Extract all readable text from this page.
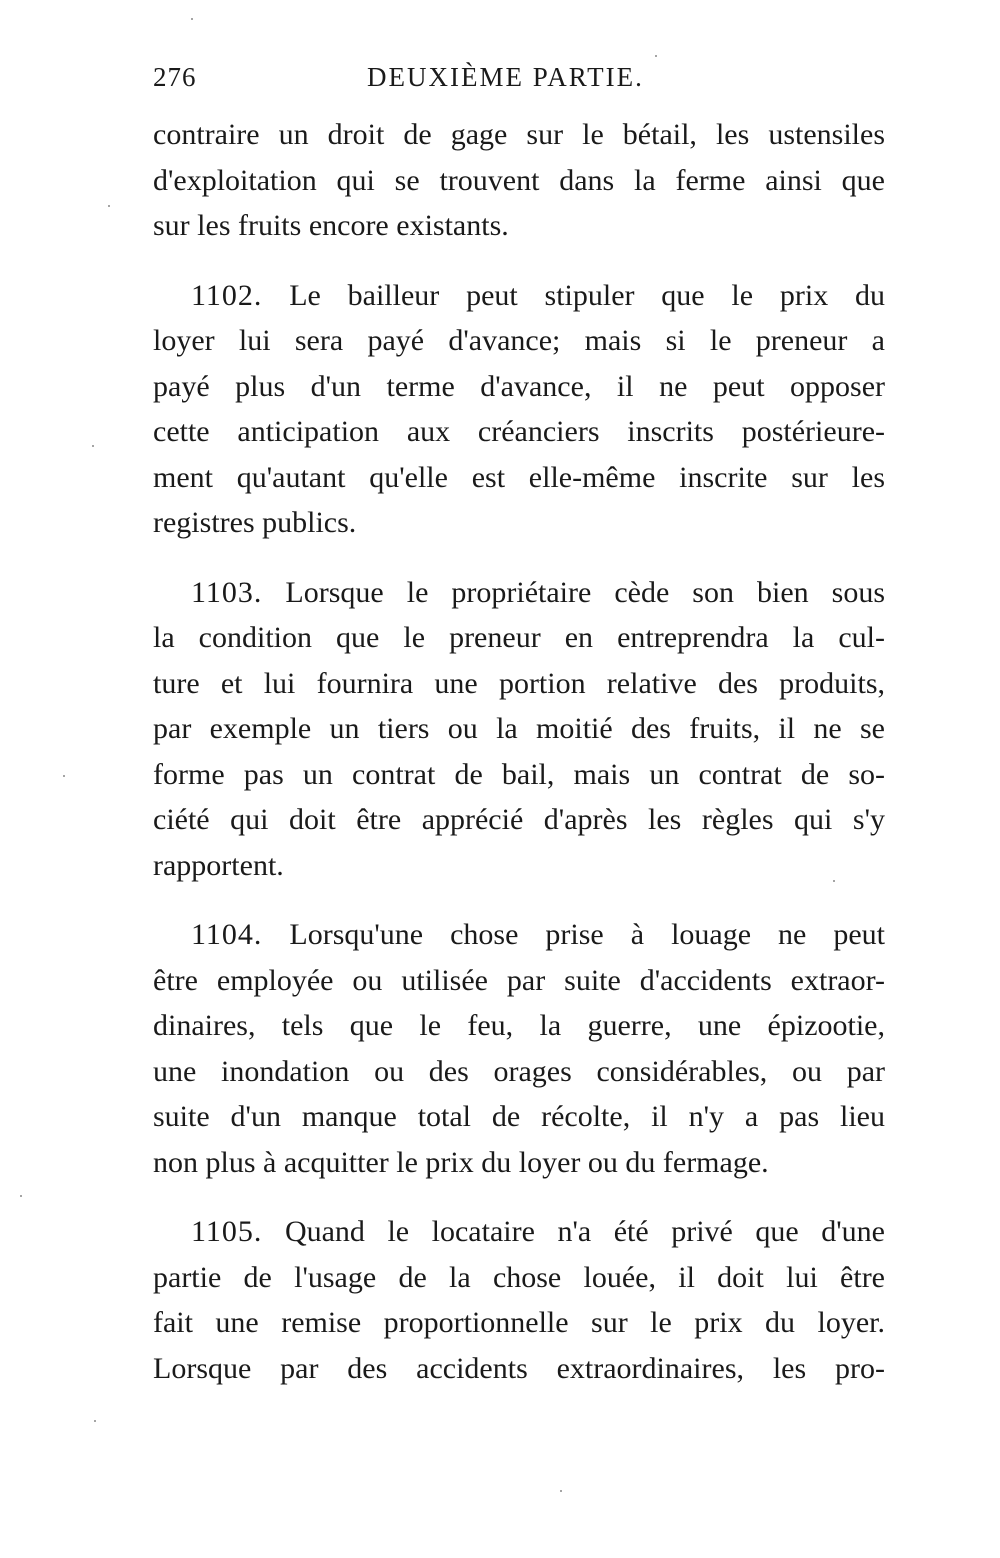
276	DEUXIÈME PARTIE.
contraire un droit de gage sur le bétail, les ustensiles
d'exploitation qui se trouvent dans la ferme ainsi que
sur les fruits encore existants.
1102. Le bailleur peut stipuler que le prix du
loyer lui sera payé d'avance; mais si le preneur a
payé plus d'un terme d'avance, il ne peut opposer
cette anticipation aux créanciers inscrits postérieure-
ment qu'autant qu'elle est elle-même inscrite sur les
registres publics.
1103. Lorsque le propriétaire cède son bien sous
la condition que le preneur en entreprendra la cul-
ture et lui fournira une portion relative des produits,
par exemple un tiers ou la moitié des fruits, il ne se
forme pas un contrat de bail, mais un contrat de so-
ciété qui doit être apprécié d'après les règles qui s'y
rapportent.
1104. Lorsqu'une chose prise à louage ne peut
être employée ou utilisée par suite d'accidents extraor-
dinaires, tels que le feu, la guerre, une épizootie,
une inondation ou des orages considérables, ou par
suite d'un manque total de récolte, il n'y a pas lieu
non plus à acquitter le prix du loyer ou du fermage.
1105. Quand le locataire n'a été privé que d'une
partie de l'usage de la chose louée, il doit lui être
fait une remise proportionnelle sur le prix du loyer.
Lorsque par des accidents extraordinaires, les pro-
